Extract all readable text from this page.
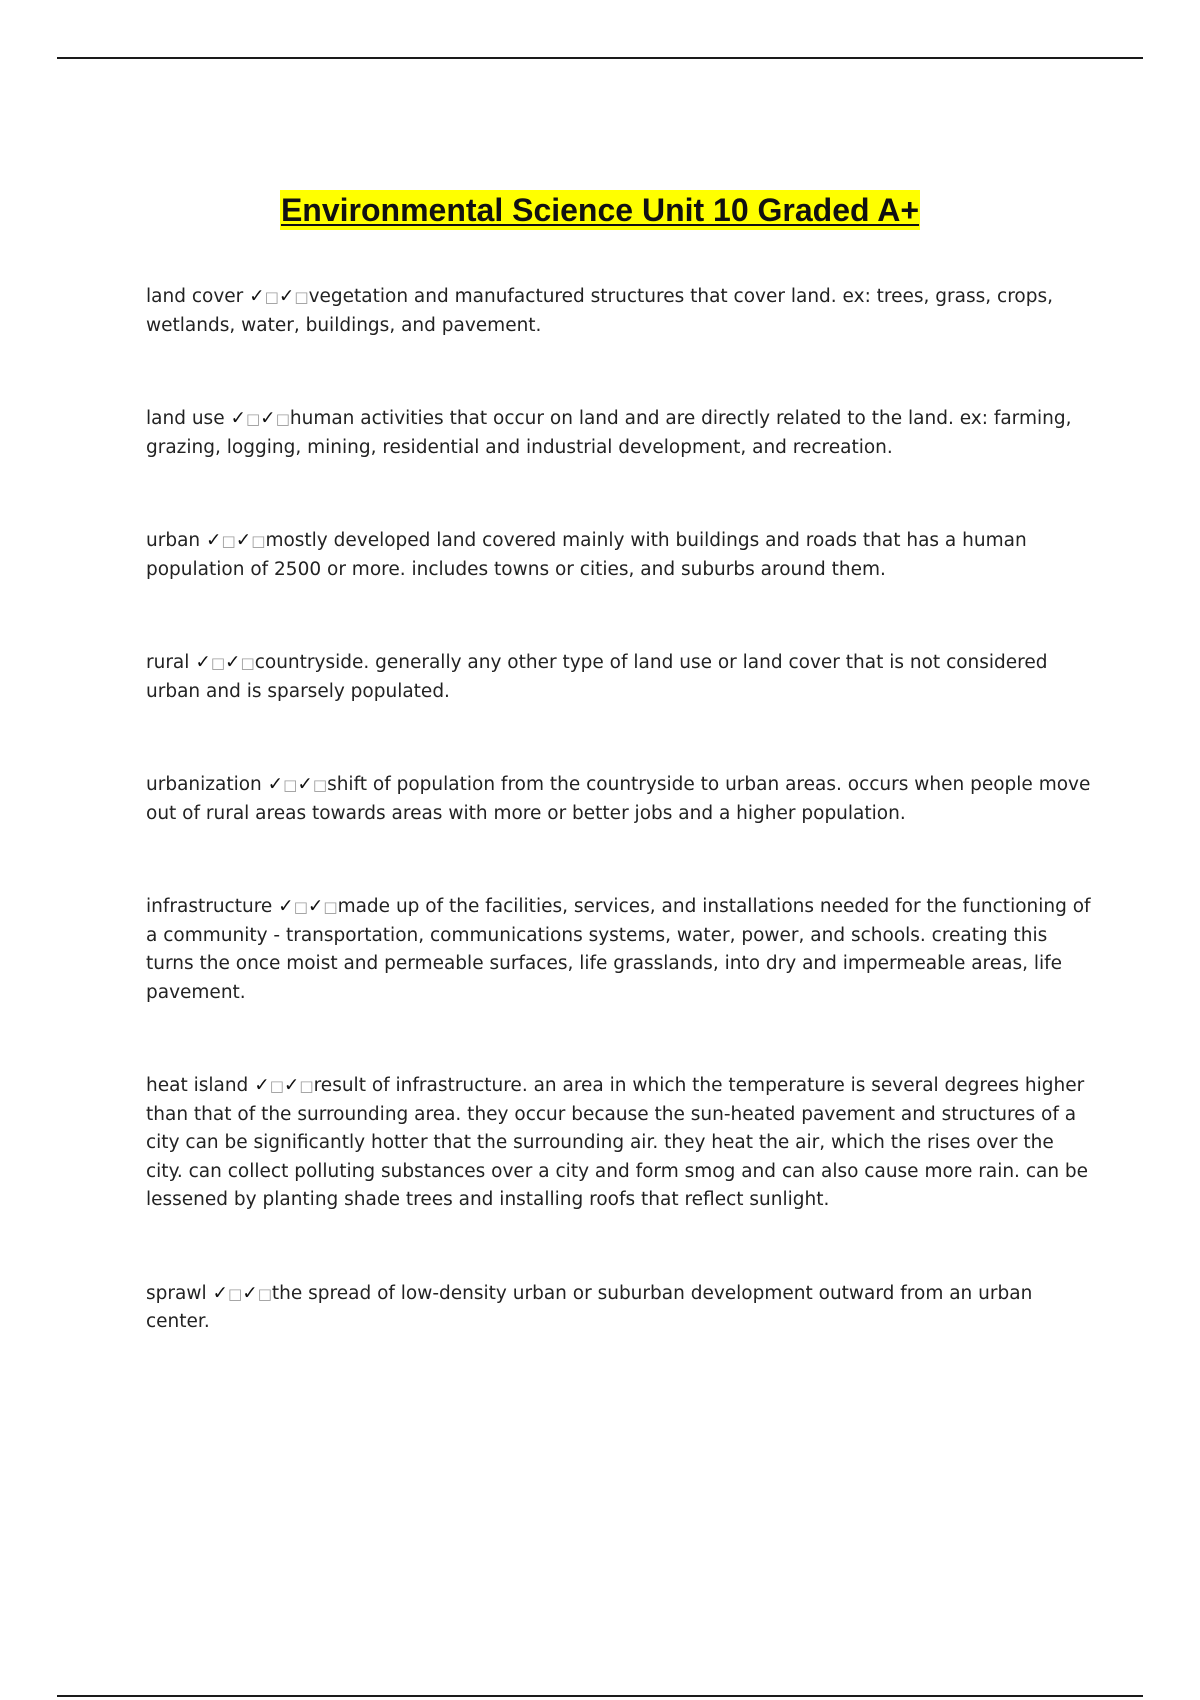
Environmental Science Unit 10 Graded A+

land cover ✓□✓□vegetation and manufactured structures that cover land. ex: trees, grass, crops, wetlands, water, buildings, and pavement.

land use ✓□✓□human activities that occur on land and are directly related to the land. ex: farming, grazing, logging, mining, residential and industrial development, and recreation.

urban ✓□✓□mostly developed land covered mainly with buildings and roads that has a human population of 2500 or more. includes towns or cities, and suburbs around them.

rural ✓□✓□countryside. generally any other type of land use or land cover that is not considered urban and is sparsely populated.

urbanization ✓□✓□shift of population from the countryside to urban areas. occurs when people move out of rural areas towards areas with more or better jobs and a higher population.

infrastructure ✓□✓□made up of the facilities, services, and installations needed for the functioning of a community - transportation, communications systems, water, power, and schools. creating this turns the once moist and permeable surfaces, life grasslands, into dry and impermeable areas, life pavement.

heat island ✓□✓□result of infrastructure. an area in which the temperature is several degrees higher than that of the surrounding area. they occur because the sun-heated pavement and structures of a city can be significantly hotter that the surrounding air. they heat the air, which the rises over the city. can collect polluting substances over a city and form smog and can also cause more rain. can be lessened by planting shade trees and installing roofs that reflect sunlight.

sprawl ✓□✓□the spread of low-density urban or suburban development outward from an urban center.
